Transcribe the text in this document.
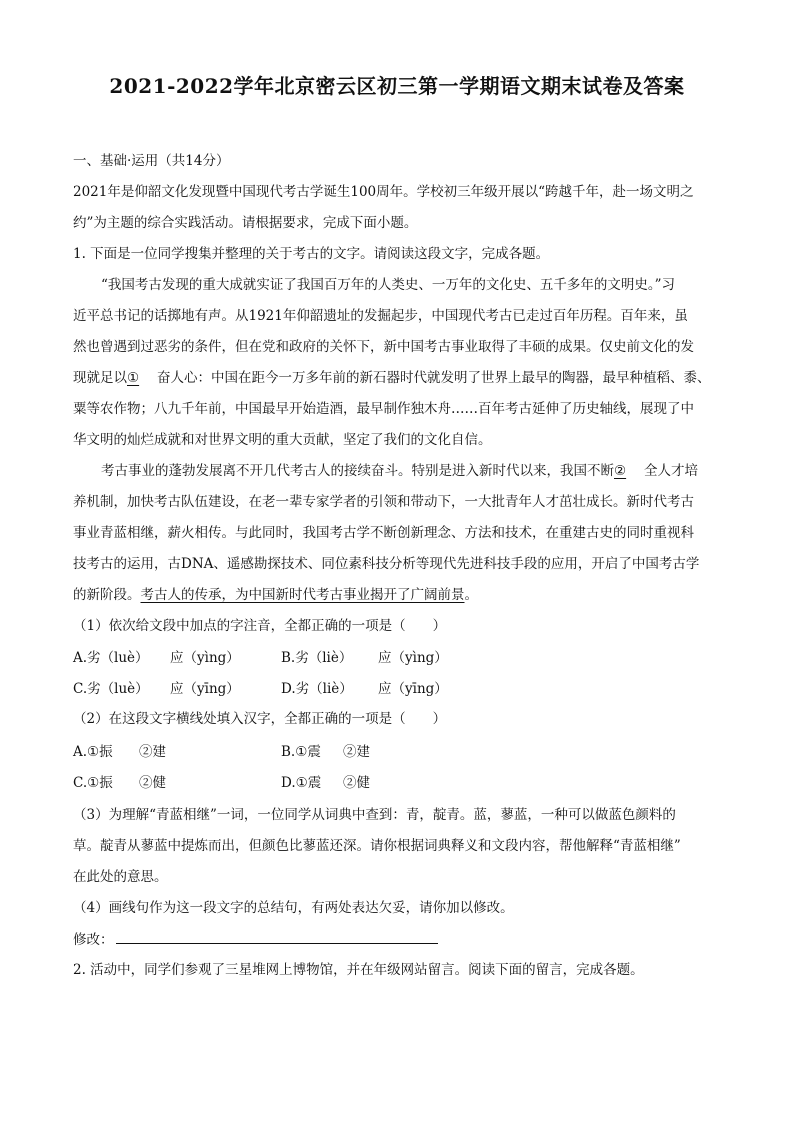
2021-2022学年北京密云区初三第一学期语文期末试卷及答案
一、基础·运用（共14分）
2021年是仰韶文化发现暨中国现代考古学诞生100周年。学校初三年级开展以“跨越千年，赴一场文明之
约”为主题的综合实践活动。请根据要求，完成下面小题。
1. 下面是一位同学搜集并整理的关于考古的文字。请阅读这段文字，完成各题。
“我国考古发现的重大成就实证了我国百万年的人类史、一万年的文化史、五千多年的文明史。”习
近平总书记的话掷地有声。从1921年仰韶遗址的发掘起步，中国现代考古已走过百年历程。百年来，虽
然也曾遇到过恶劣的条件，但在党和政府的关怀下，新中国考古事业取得了丰硕的成果。仅史前文化的发
现就足以①奋人心：中国在距今一万多年前的新石器时代就发明了世界上最早的陶器，最早种植稻、黍、
粟等农作物；八九千年前，中国最早开始造酒，最早制作独木舟……百年考古延伸了历史轴线，展现了中
华文明的灿烂成就和对世界文明的重大贡献，坚定了我们的文化自信。
考古事业的蓬勃发展离不开几代考古人的接续奋斗。特别是进入新时代以来，我国不断②全人才培
养机制，加快考古队伍建设，在老一辈专家学者的引领和带动下，一大批青年人才茁壮成长。新时代考古
事业青蓝相继，薪火相传。与此同时，我国考古学不断创新理念、方法和技术，在重建古史的同时重视科
技考古的运用，古DNA、遥感勘探技术、同位素科技分析等现代先进科技手段的应用，开启了中国考古学
的新阶段。考古人的传承，为中国新时代考古事业揭开了广阔前景。
（1）依次给文段中加点的字注音，全都正确的一项是（　　）
A.劣（luè） 应（yìng）	B.劣（liè） 应（yìng）
C.劣（luè） 应（yīng）	D.劣（liè） 应（yīng）
（2）在这段文字横线处填入汉字，全都正确的一项是（　　）
A.①振 ②建	B.①震 ②建
C.①振 ②健	D.①震 ②健
（3）为理解“青蓝相继”一词，一位同学从词典中查到：青，靛青。蓝，蓼蓝，一种可以做蓝色颜料的
草。靛青从蓼蓝中提炼而出，但颜色比蓼蓝还深。请你根据词典释义和文段内容，帮他解释“青蓝相继”
在此处的意思。
（4）画线句作为这一段文字的总结句，有两处表达欠妥，请你加以修改。
修改：
2. 活动中，同学们参观了三星堆网上博物馆，并在年级网站留言。阅读下面的留言，完成各题。
